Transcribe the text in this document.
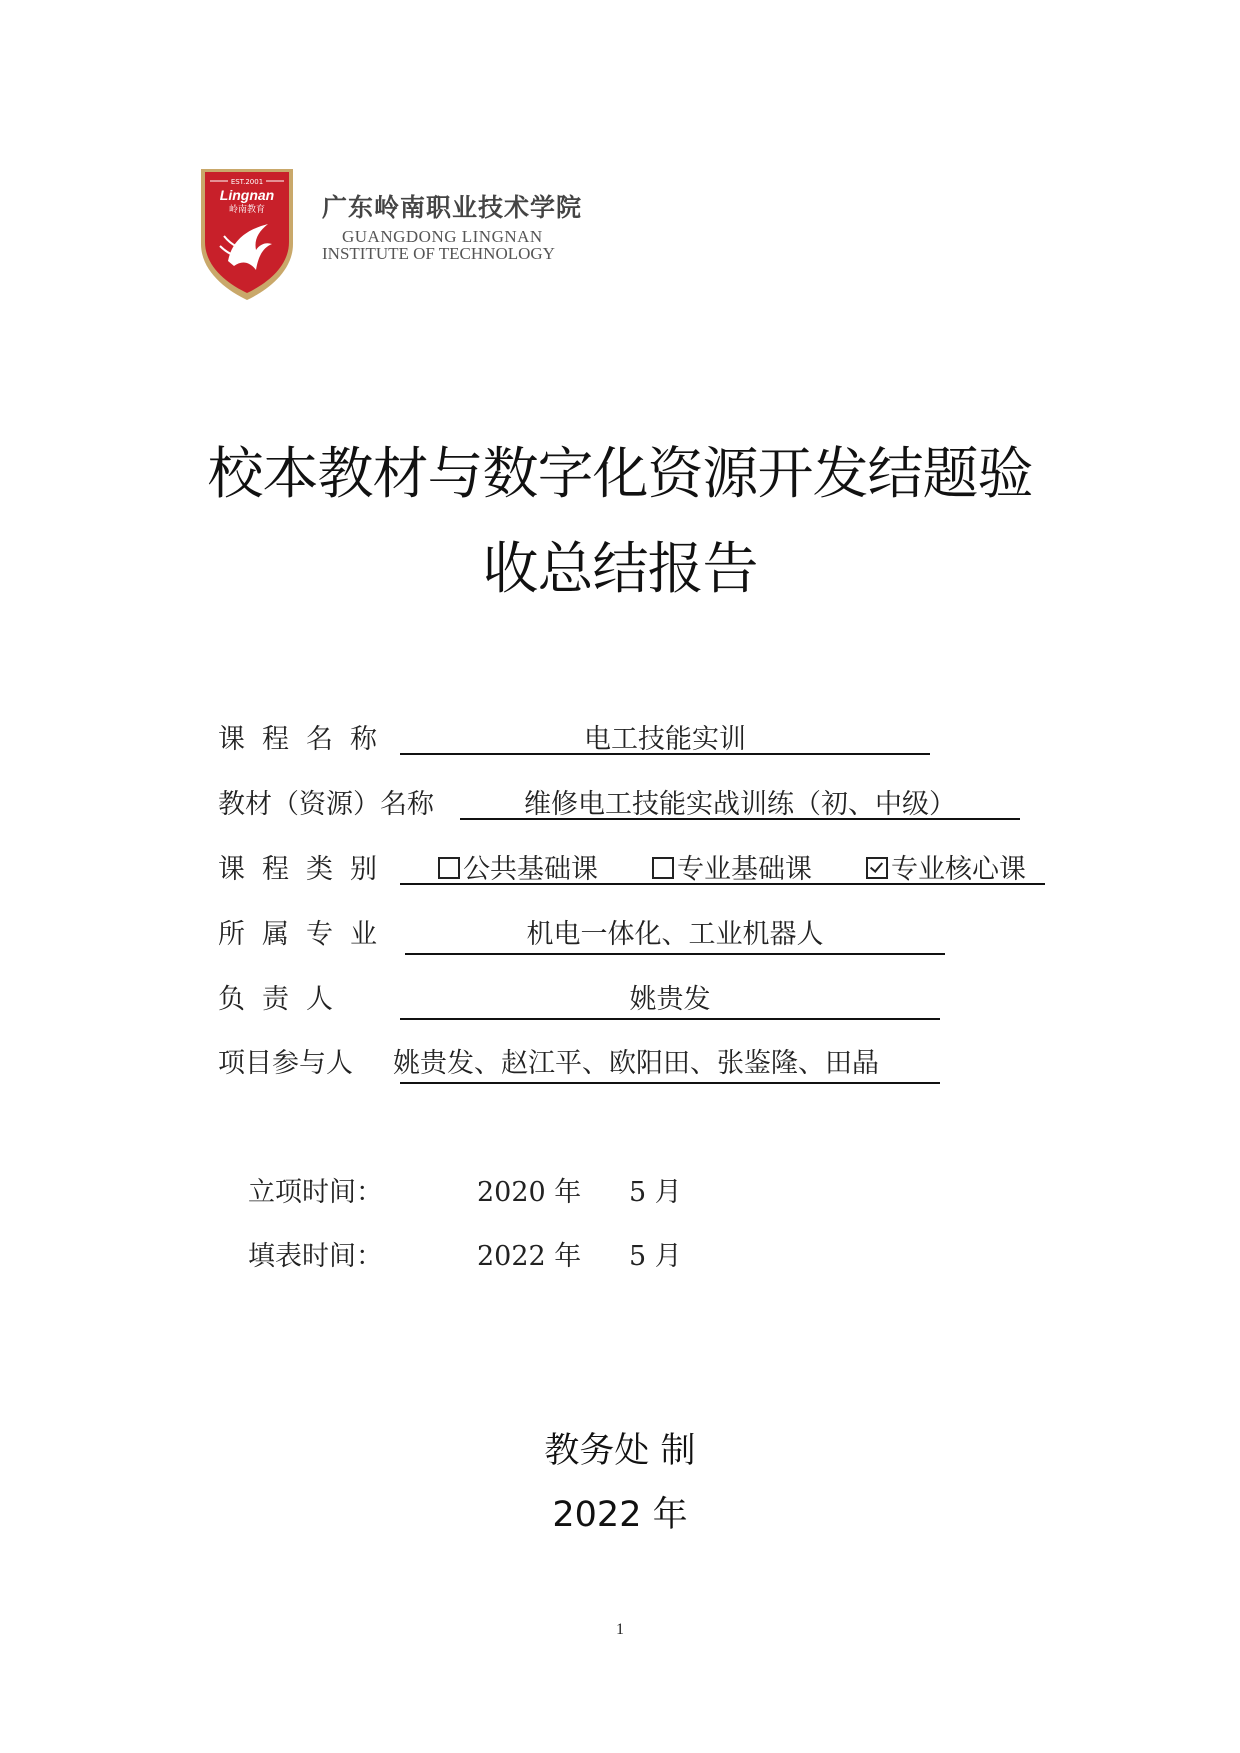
EST.2001
Lingnan
岭南教育 广东岭南职业技术学院
GUANGDONG LINGNAN
INSTITUTE OF TECHNOLOGY
校本教材与数字化资源开发结题验
收总结报告
课程名称	电工技能实训
教材（资源）名称	维修电工技能实战训练（初、中级）
课程类别	公共基础课	专业基础课	专业核心课
所属专业	机电一体化、工业机器人
负责人	姚贵发
项目参与人 姚贵发、赵江平、欧阳田、张鉴隆、田晶
立项时间：	2020 年 5 月
填表时间：	2022 年 5 月
教务处 制
2022 年
1
